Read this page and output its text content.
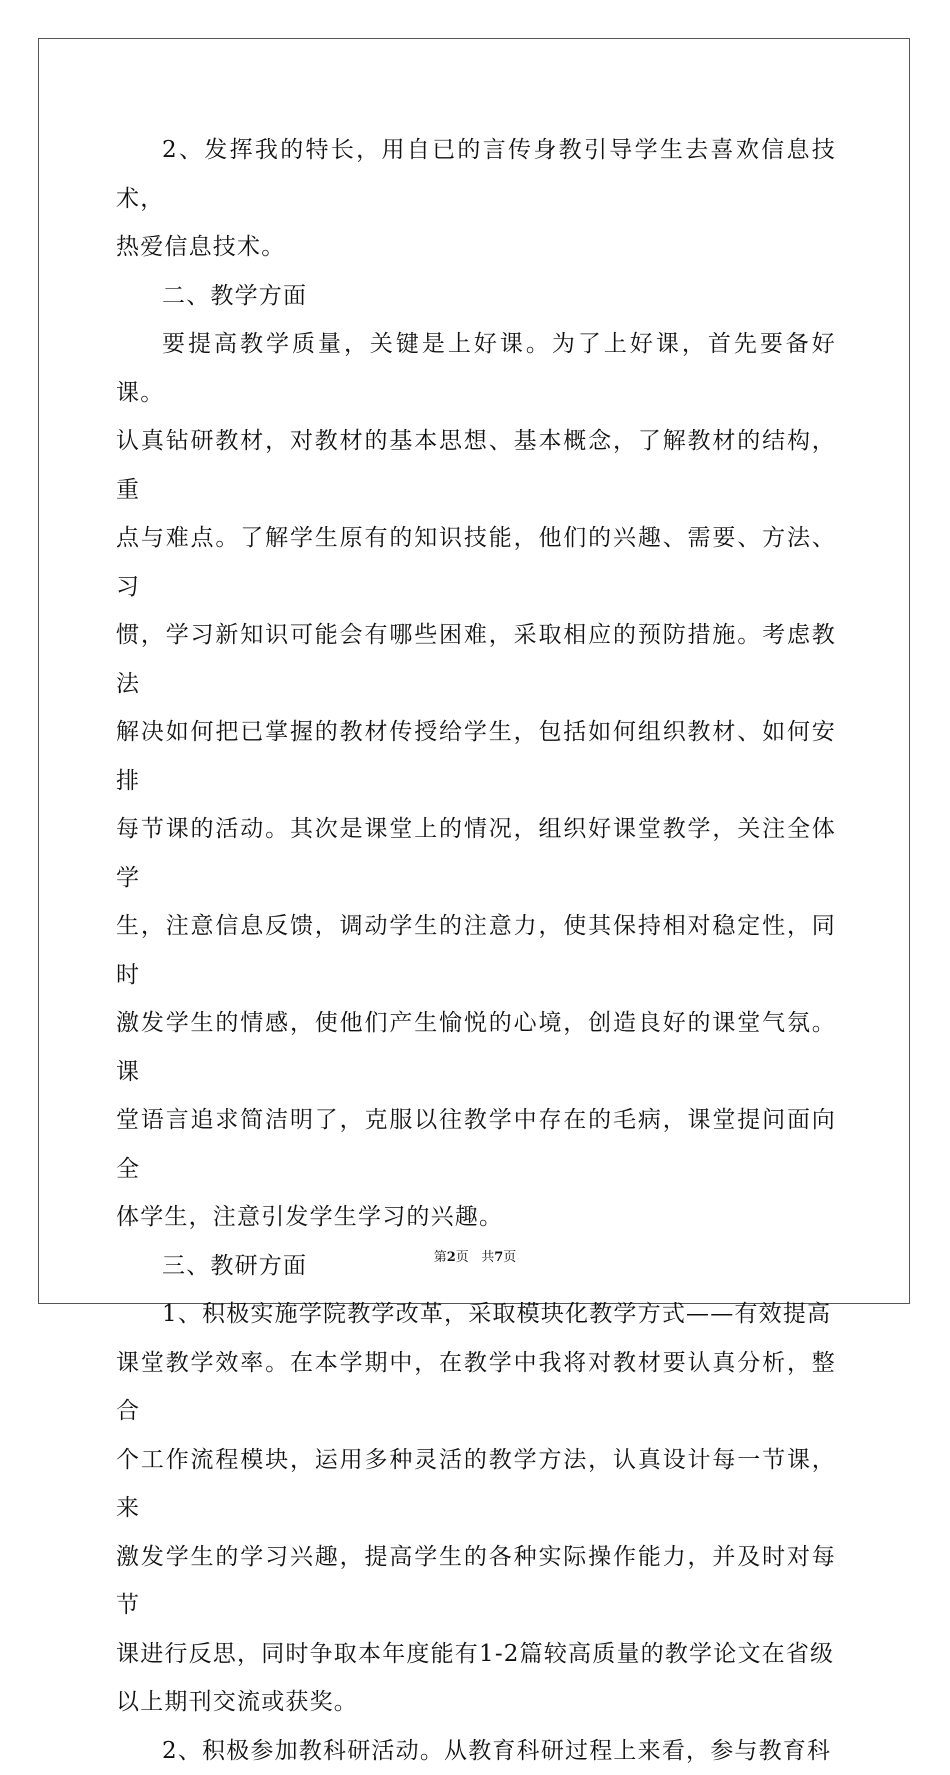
2、发挥我的特长，用自已的言传身教引导学生去喜欢信息技术，
热爱信息技术。
二、教学方面
要提高教学质量，关键是上好课。为了上好课，首先要备好课。
认真钻研教材，对教材的基本思想、基本概念，了解教材的结构，重
点与难点。了解学生原有的知识技能，他们的兴趣、需要、方法、习
惯，学习新知识可能会有哪些困难，采取相应的预防措施。考虑教法
解决如何把已掌握的教材传授给学生，包括如何组织教材、如何安排
每节课的活动。其次是课堂上的情况，组织好课堂教学，关注全体学
生，注意信息反馈，调动学生的注意力，使其保持相对稳定性，同时
激发学生的情感，使他们产生愉悦的心境，创造良好的课堂气氛。课
堂语言追求简洁明了，克服以往教学中存在的毛病，课堂提问面向全
体学生，注意引发学生学习的兴趣。
三、教研方面
1、积极实施学院教学改革，采取模块化教学方式——有效提高
课堂教学效率。在本学期中，在教学中我将对教材要认真分析，整合
个工作流程模块，运用多种灵活的教学方法，认真设计每一节课，来
激发学生的学习兴趣，提高学生的各种实际操作能力，并及时对每节
课进行反思，同时争取本年度能有1-2篇较高质量的教学论文在省级
以上期刊交流或获奖。
2、积极参加教科研活动。从教育科研过程上来看，参与教育科
第2页 共7页
